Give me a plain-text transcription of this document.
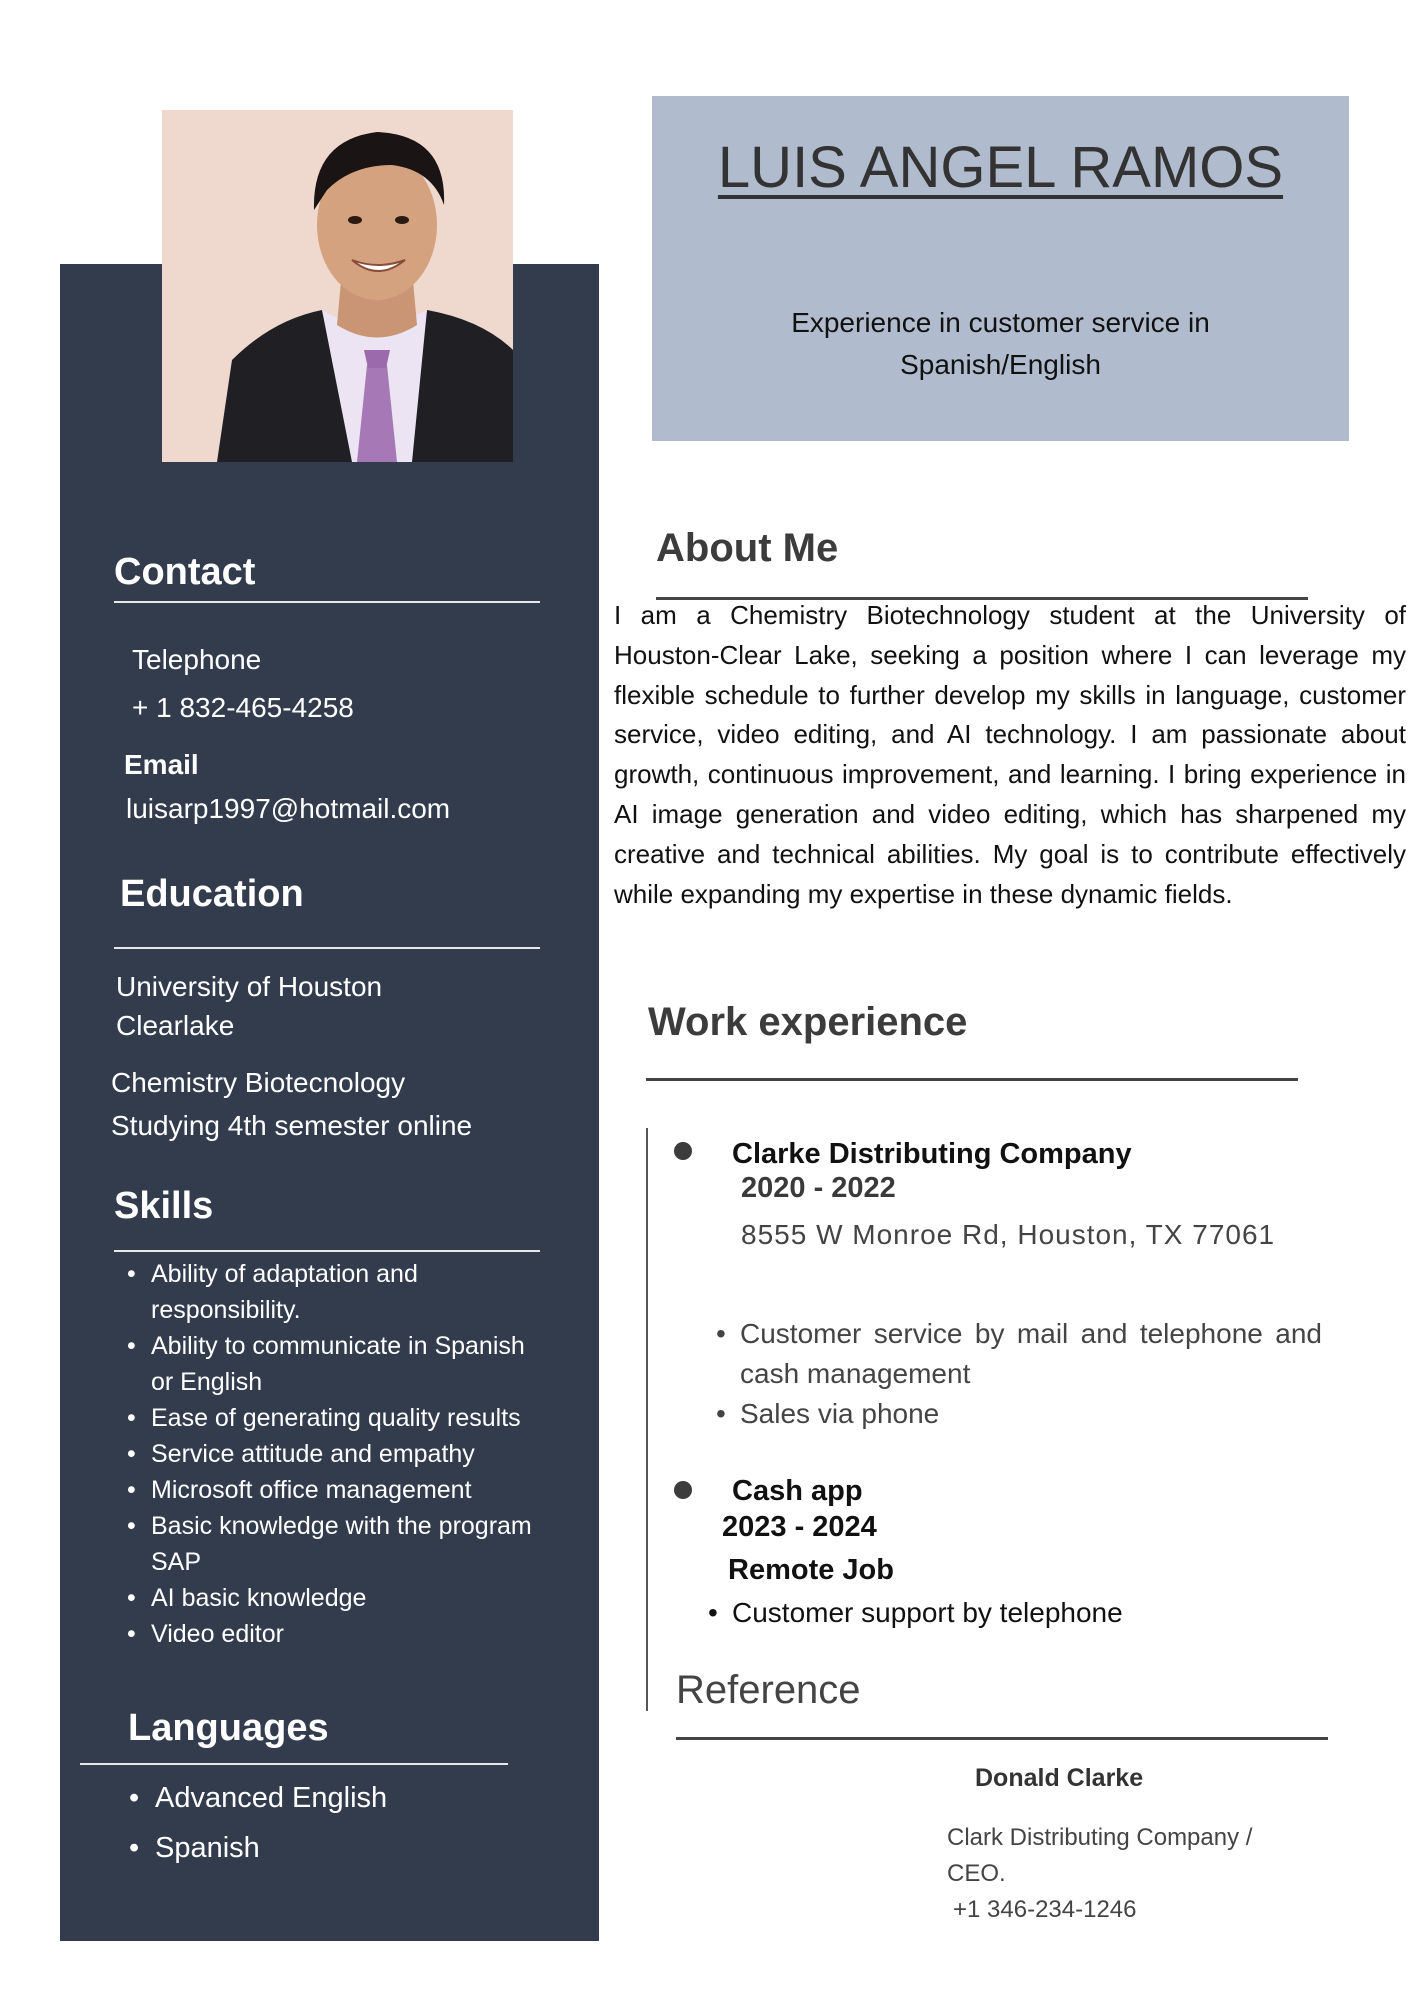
Contact
Telephone
+ 1 832-465-4258
Email
luisarp1997@hotmail.com
Education
University of Houston
Clearlake
Chemistry Biotecnology
Studying 4th semester online
Skills
• Ability of adaptation and responsibility.
• Ability to communicate in Spanish or English
• Ease of generating quality results
• Service attitude and empathy
• Microsoft office management
• Basic knowledge with the program SAP
• AI basic knowledge
• Video editor
Languages
• Advanced English
• Spanish
LUIS ANGEL RAMOS
Experience in customer service in Spanish/English
About Me
I am a Chemistry Biotechnology student at the University of Houston-Clear Lake, seeking a position where I can leverage my flexible schedule to further develop my skills in language, customer service, video editing, and AI technology. I am passionate about growth, continuous improvement, and learning. I bring experience in AI image generation and video editing, which has sharpened my creative and technical abilities. My goal is to contribute effectively while expanding my expertise in these dynamic fields.
Work experience
Clarke Distributing Company
2020 - 2022
8555 W Monroe Rd, Houston, TX 77061
• Customer service by mail and telephone and cash management
• Sales via phone
Cash app
2023 - 2024
Remote Job
• Customer support by telephone
Reference
Donald Clarke
Clark Distributing Company /
CEO.
+1 346-234-1246
